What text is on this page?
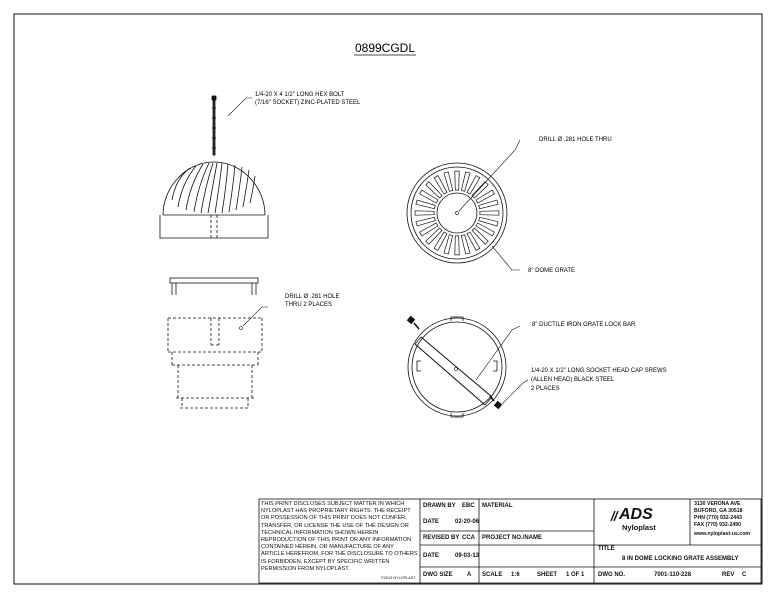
0899CGDL
1/4-20 X 4 1/2" LONG HEX BOLT
(7/16" SOCKET) ZINC-PLATED STEEL
DRILL Ø .281 HOLE
THRU 2 PLACES
DRILL Ø .281 HOLE THRU
8" DOME GRATE
8" DUCTILE IRON GRATE LOCK BAR
1/4-20 X 1/2" LONG SOCKET HEAD CAP SREWS
(ALLEN HEAD) BLACK STEEL
2 PLACES
THIS PRINT DISCLOSES SUBJECT MATTER IN WHICH NYLOPLAST HAS PROPRIETARY RIGHTS. THE RECEIPT OR POSSESSION OF THIS PRINT DOES NOT CONFER, TRANSFER, OR LICENSE THE USE OF THE DESIGN OR TECHNICAL INFORMATION SHOWN HEREIN REPRODUCTION OF THIS PRINT OR ANY INFORMATION CONTAINED HEREIN, OR MANUFACTURE OF ANY ARTICLE HEREFROM, FOR THE DISCLOSURE TO OTHERS IS FORBIDDEN, EXCEPT BY SPECIFIC WRITTEN PERMISSION FROM NYLOPLAST.
©2013 NYLOPLAST
DRAWN BY EBC
DATE	02-20-06
REVISED BY CCA
DATE	09-03-13
DWG SIZE A
MATERIAL
PROJECT NO./NAME
SCALE 1:6	SHEET 1 OF 1
ADS
Nyloplast
3130 VERONA AVE
BUFORD, GA 30518
PHN (770) 932-2443
FAX (770) 932-2490
www.nyloplast-us.com
TITLE
8 IN DOME LOCKING GRATE ASSEMBLY
DWG NO.	7001-110-228	REV C
